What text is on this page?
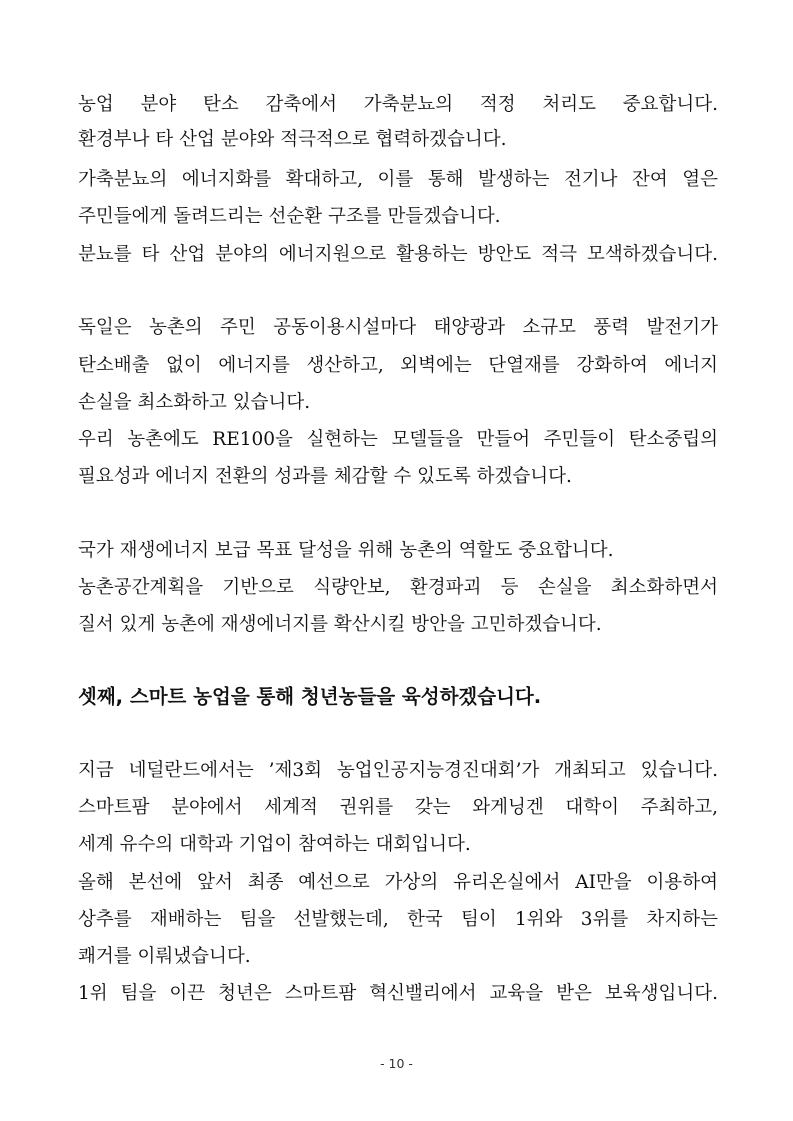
농업 분야 탄소 감축에서 가축분뇨의 적정 처리도 중요합니다.
환경부나 타 산업 분야와 적극적으로 협력하겠습니다.
가축분뇨의 에너지화를 확대하고, 이를 통해 발생하는 전기나 잔여 열은
주민들에게 돌려드리는 선순환 구조를 만들겠습니다.
분뇨를 타 산업 분야의 에너지원으로 활용하는 방안도 적극 모색하겠습니다.
독일은 농촌의 주민 공동이용시설마다 태양광과 소규모 풍력 발전기가
탄소배출 없이 에너지를 생산하고, 외벽에는 단열재를 강화하여 에너지
손실을 최소화하고 있습니다.
우리 농촌에도 RE100을 실현하는 모델들을 만들어 주민들이 탄소중립의
필요성과 에너지 전환의 성과를 체감할 수 있도록 하겠습니다.
국가 재생에너지 보급 목표 달성을 위해 농촌의 역할도 중요합니다.
농촌공간계획을 기반으로 식량안보, 환경파괴 등 손실을 최소화하면서
질서 있게 농촌에 재생에너지를 확산시킬 방안을 고민하겠습니다.
셋째, 스마트 농업을 통해 청년농들을 육성하겠습니다.
지금 네덜란드에서는 ’제3회 농업인공지능경진대회’가 개최되고 있습니다.
스마트팜 분야에서 세계적 권위를 갖는 와게닝겐 대학이 주최하고,
세계 유수의 대학과 기업이 참여하는 대회입니다.
올해 본선에 앞서 최종 예선으로 가상의 유리온실에서 AI만을 이용하여
상추를 재배하는 팀을 선발했는데, 한국 팀이 1위와 3위를 차지하는
쾌거를 이뤄냈습니다.
1위 팀을 이끈 청년은 스마트팜 혁신밸리에서 교육을 받은 보육생입니다.
- 10 -
